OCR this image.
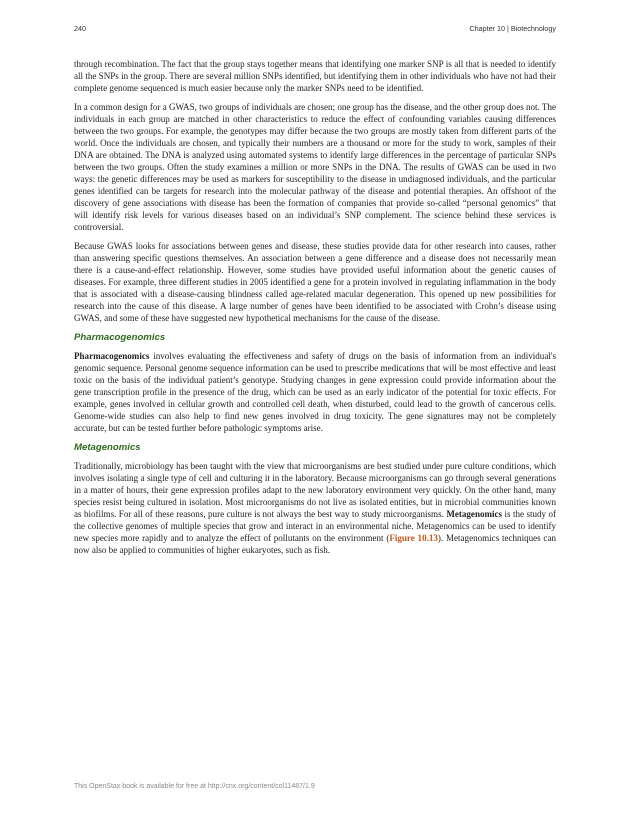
240	Chapter 10 | Biotechnology

through recombination. The fact that the group stays together means that identifying one marker SNP is all that is needed to identify all the SNPs in the group. There are several million SNPs identified, but identifying them in other individuals who have not had their complete genome sequenced is much easier because only the marker SNPs need to be identified.

In a common design for a GWAS, two groups of individuals are chosen; one group has the disease, and the other group does not. The individuals in each group are matched in other characteristics to reduce the effect of confounding variables causing differences between the two groups. For example, the genotypes may differ because the two groups are mostly taken from different parts of the world. Once the individuals are chosen, and typically their numbers are a thousand or more for the study to work, samples of their DNA are obtained. The DNA is analyzed using automated systems to identify large differences in the percentage of particular SNPs between the two groups. Often the study examines a million or more SNPs in the DNA. The results of GWAS can be used in two ways: the genetic differences may be used as markers for susceptibility to the disease in undiagnosed individuals, and the particular genes identified can be targets for research into the molecular pathway of the disease and potential therapies. An offshoot of the discovery of gene associations with disease has been the formation of companies that provide so-called “personal genomics” that will identify risk levels for various diseases based on an individual’s SNP complement. The science behind these services is controversial.

Because GWAS looks for associations between genes and disease, these studies provide data for other research into causes, rather than answering specific questions themselves. An association between a gene difference and a disease does not necessarily mean there is a cause-and-effect relationship. However, some studies have provided useful information about the genetic causes of diseases. For example, three different studies in 2005 identified a gene for a protein involved in regulating inflammation in the body that is associated with a disease-causing blindness called age-related macular degeneration. This opened up new possibilities for research into the cause of this disease. A large number of genes have been identified to be associated with Crohn’s disease using GWAS, and some of these have suggested new hypothetical mechanisms for the cause of the disease.

Pharmacogenomics

Pharmacogenomics involves evaluating the effectiveness and safety of drugs on the basis of information from an individual's genomic sequence. Personal genome sequence information can be used to prescribe medications that will be most effective and least toxic on the basis of the individual patient’s genotype. Studying changes in gene expression could provide information about the gene transcription profile in the presence of the drug, which can be used as an early indicator of the potential for toxic effects. For example, genes involved in cellular growth and controlled cell death, when disturbed, could lead to the growth of cancerous cells. Genome-wide studies can also help to find new genes involved in drug toxicity. The gene signatures may not be completely accurate, but can be tested further before pathologic symptoms arise.

Metagenomics

Traditionally, microbiology has been taught with the view that microorganisms are best studied under pure culture conditions, which involves isolating a single type of cell and culturing it in the laboratory. Because microorganisms can go through several generations in a matter of hours, their gene expression profiles adapt to the new laboratory environment very quickly. On the other hand, many species resist being cultured in isolation. Most microorganisms do not live as isolated entities, but in microbial communities known as biofilms. For all of these reasons, pure culture is not always the best way to study microorganisms. Metagenomics is the study of the collective genomes of multiple species that grow and interact in an environmental niche. Metagenomics can be used to identify new species more rapidly and to analyze the effect of pollutants on the environment (Figure 10.13). Metagenomics techniques can now also be applied to communities of higher eukaryotes, such as fish.

This OpenStax book is available for free at http://cnx.org/content/col11487/1.9
